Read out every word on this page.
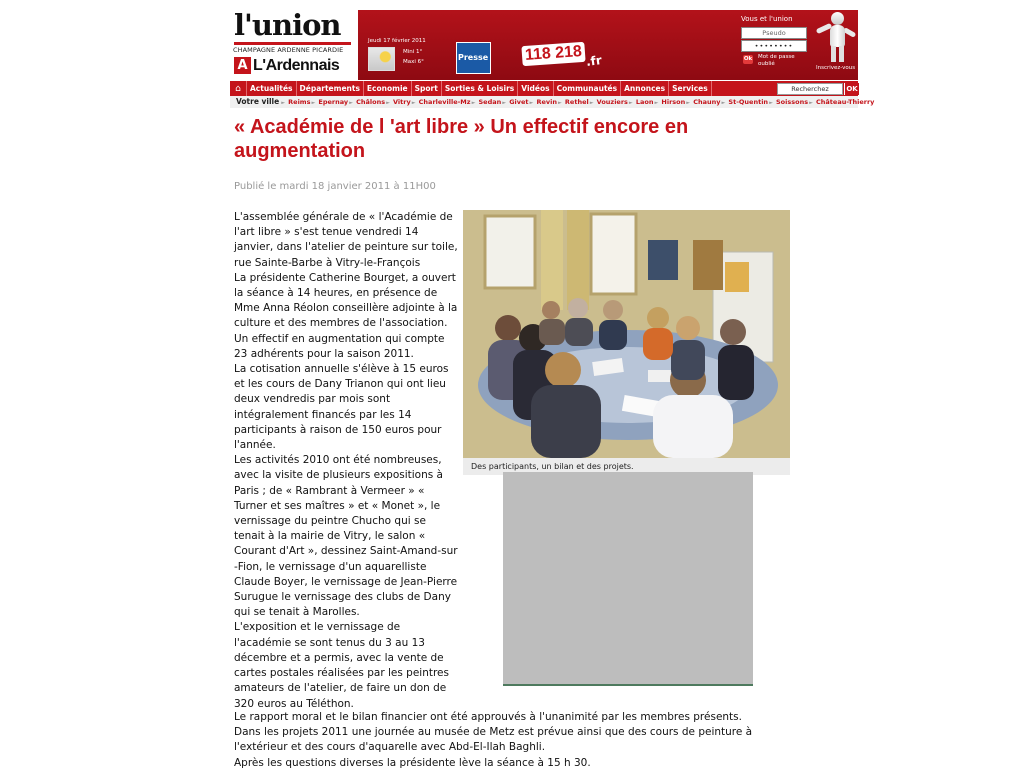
l'union
CHAMPAGNE ARDENNE PICARDIE
A L'Ardennais
Jeudi 17 février 2011
Mini 1°
Maxi 6°	Presse 118 218 .fr
Vous et l'union
Pseudo
••••••••
Ok Mot de passe oublié
Inscrivez-vous
⌂	Actualités Départements Economie Sport Sorties & Loisirs Vidéos Communautés Annonces Services	Recherchez	OK
Votre ville ► Reims► Epernay► Châlons► Vitry► Charleville-Mz► Sedan► Givet► Revin► Rethel► Vouziers► Laon► Hirson► Chauny► St-Quentin► Soissons► Château-Thierry
« Académie de l 'art libre » Un effectif encore en augmentation
Publié le mardi 18 janvier 2011 à 11H00

L'assemblée générale de « l'Académie de l'art libre » s'est tenue vendredi 14 janvier, dans l'atelier de peinture sur toile, rue Sainte-Barbe à Vitry-le-François

La présidente Catherine Bourget, a ouvert la séance à 14 heures, en présence de Mme Anna Réolon conseillère adjointe à la culture et des membres de l'association.

Un effectif en augmentation qui compte 23 adhérents pour la saison 2011.

La cotisation annuelle s'élève à 15 euros et les cours de Dany Trianon qui ont lieu deux vendredis par mois sont intégralement financés par les 14 participants à raison de 150 euros pour l'année.

Les activités 2010 ont été nombreuses, avec la visite de plusieurs expositions à Paris ; de « Rambrant à Vermeer » « Turner et ses maîtres » et « Monet », le vernissage du peintre Chucho qui se tenait à la mairie de Vitry, le salon « Courant d'Art », dessinez Saint-Amand-sur -Fion, le vernissage d'un aquarelliste Claude Boyer, le vernissage de Jean-Pierre Surugue le vernissage des clubs de Dany qui se tenait à Marolles.

L'exposition et le vernissage de l'académie se sont tenus du 3 au 13 décembre et a permis, avec la vente de cartes postales réalisées par les peintres amateurs de l'atelier, de faire un don de 320 euros au Téléthon.

Des participants, un bilan et des projets.

Le rapport moral et le bilan financier ont été approuvés à l'unanimité par les membres présents.

Dans les projets 2011 une journée au musée de Metz est prévue ainsi que des cours de peinture à

l'extérieur et des cours d'aquarelle avec Abd-El-Ilah Baghli.

Après les questions diverses la présidente lève la séance à 15 h 30.
